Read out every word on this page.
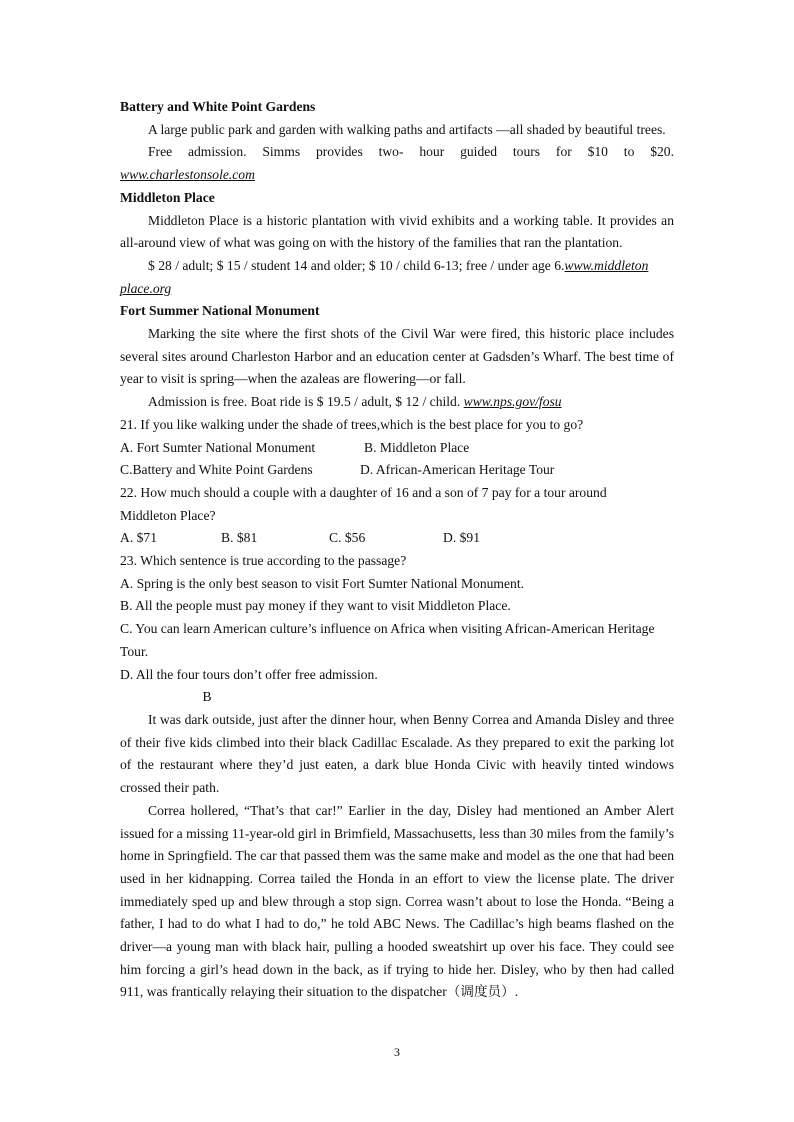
Battery and White Point Gardens

A large public park and garden with walking paths and artifacts —all shaded by beautiful trees.

Free admission. Simms provides two- hour guided tours for $10 to $20.

www.charlestonsole.com

Middleton Place

Middleton Place is a historic plantation with vivid exhibits and a working table. It provides an all-around view of what was going on with the history of the families that ran the plantation.

$ 28 / adult; $ 15 / student 14 and older; $ 10 / child 6-13; free / under age 6.www.middleton

place.org

Fort Summer National Monument

Marking the site where the first shots of the Civil War were fired, this historic place includes several sites around Charleston Harbor and an education center at Gadsden’s Wharf. The best time of year to visit is spring—when the azaleas are flowering—or fall.

Admission is free. Boat ride is $ 19.5 / adult, $ 12 / child. www.nps.gov/fosu

21. If you like walking under the shade of trees,which is the best place for you to go?

A. Fort Sumter National Monument	B. Middleton Place

C.Battery and White Point Gardens	D. African-American Heritage Tour

22. How much should a couple with a daughter of 16 and a son of 7 pay for a tour around

Middleton Place?

A. $71	B. $81	C. $56	D. $91

23. Which sentence is true according to the passage?

A. Spring is the only best season to visit Fort Sumter National Monument.

B. All the people must pay money if they want to visit Middleton Place.

C. You can learn American culture’s influence on Africa when visiting African-American Heritage

Tour.

D. All the four tours don’t offer free admission.

B

It was dark outside, just after the dinner hour, when Benny Correa and Amanda Disley and three of their five kids climbed into their black Cadillac Escalade. As they prepared to exit the parking lot of the restaurant where they’d just eaten, a dark blue Honda Civic with heavily tinted windows crossed their path.

Correa hollered, “That’s that car!” Earlier in the day, Disley had mentioned an Amber Alert issued for a missing 11-year-old girl in Brimfield, Massachusetts, less than 30 miles from the family’s home in Springfield. The car that passed them was the same make and model as the one that had been used in her kidnapping. Correa tailed the Honda in an effort to view the license plate. The driver immediately sped up and blew through a stop sign. Correa wasn’t about to lose the Honda. “Being a father, I had to do what I had to do,” he told ABC News. The Cadillac’s high beams flashed on the driver—a young man with black hair, pulling a hooded sweatshirt up over his face. They could see him forcing a girl’s head down in the back, as if trying to hide her. Disley, who by then had called 911, was frantically relaying their situation to the dispatcher（调度员）.

3
